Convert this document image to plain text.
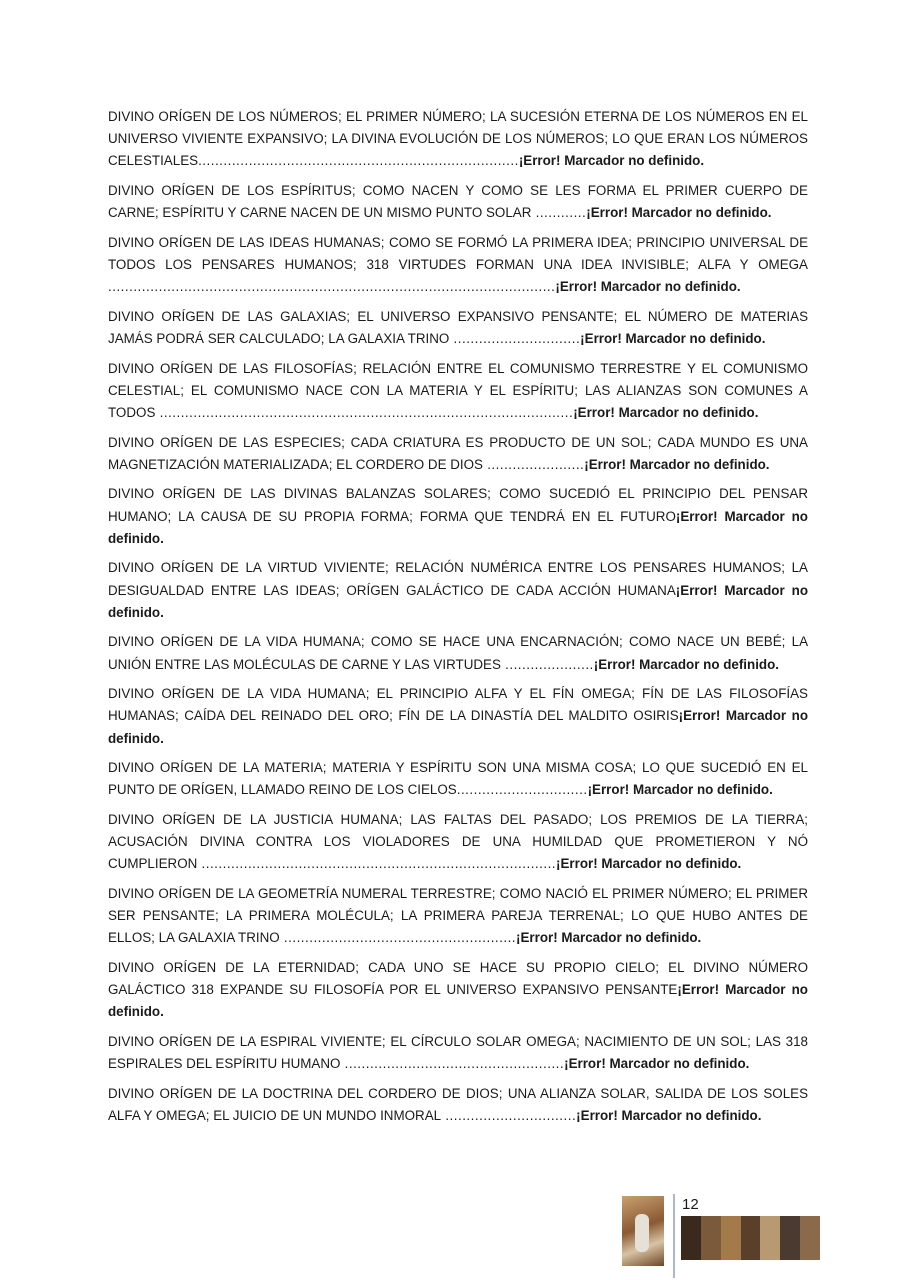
DIVINO ORÍGEN DE LOS NÚMEROS; EL PRIMER NÚMERO; LA SUCESIÓN ETERNA DE LOS NÚMEROS EN EL UNIVERSO VIVIENTE EXPANSIVO; LA DIVINA EVOLUCIÓN DE LOS NÚMEROS; LO QUE ERAN LOS NÚMEROS CELESTIALES............................................................................¡Error! Marcador no definido.

DIVINO ORÍGEN DE LOS ESPÍRITUS; COMO NACEN Y COMO SE LES FORMA EL PRIMER CUERPO DE CARNE; ESPÍRITU Y CARNE NACEN DE UN MISMO PUNTO SOLAR ............¡Error! Marcador no definido.

DIVINO ORÍGEN DE LAS IDEAS HUMANAS; COMO SE FORMÓ LA PRIMERA IDEA; PRINCIPIO UNIVERSAL DE TODOS LOS PENSARES HUMANOS; 318 VIRTUDES FORMAN UNA IDEA INVISIBLE; ALFA Y OMEGA ..........................................................................................................¡Error! Marcador no definido.

DIVINO ORÍGEN DE LAS GALAXIAS; EL UNIVERSO EXPANSIVO PENSANTE; EL NÚMERO DE MATERIAS JAMÁS PODRÁ SER CALCULADO; LA GALAXIA TRINO ..............................¡Error! Marcador no definido.

DIVINO ORÍGEN DE LAS FILOSOFÍAS; RELACIÓN ENTRE EL COMUNISMO TERRESTRE Y EL COMUNISMO CELESTIAL; EL COMUNISMO NACE CON LA MATERIA Y EL ESPÍRITU; LAS ALIANZAS SON COMUNES A TODOS ..................................................................................................¡Error! Marcador no definido.

DIVINO ORÍGEN DE LAS ESPECIES; CADA CRIATURA ES PRODUCTO DE UN SOL; CADA MUNDO ES UNA MAGNETIZACIÓN MATERIALIZADA; EL CORDERO DE DIOS .......................¡Error! Marcador no definido.

DIVINO ORÍGEN DE LAS DIVINAS BALANZAS SOLARES; COMO SUCEDIÓ EL PRINCIPIO DEL PENSAR HUMANO; LA CAUSA DE SU PROPIA FORMA; FORMA QUE TENDRÁ EN EL FUTURO¡Error! Marcador no definido.

DIVINO ORÍGEN DE LA VIRTUD VIVIENTE; RELACIÓN NUMÉRICA ENTRE LOS PENSARES HUMANOS; LA DESIGUALDAD ENTRE LAS IDEAS; ORÍGEN GALÁCTICO DE CADA ACCIÓN HUMANA¡Error! Marcador no definido.

DIVINO ORÍGEN DE LA VIDA HUMANA; COMO SE HACE UNA ENCARNACIÓN; COMO NACE UN BEBÉ; LA UNIÓN ENTRE LAS MOLÉCULAS DE CARNE Y LAS VIRTUDES .....................¡Error! Marcador no definido.

DIVINO ORÍGEN DE LA VIDA HUMANA; EL PRINCIPIO ALFA Y EL FÍN OMEGA; FÍN DE LAS FILOSOFÍAS HUMANAS; CAÍDA DEL REINADO DEL ORO; FÍN DE LA DINASTÍA DEL MALDITO OSIRIS¡Error! Marcador no definido.

DIVINO ORÍGEN DE LA MATERIA; MATERIA Y ESPÍRITU SON UNA MISMA COSA; LO QUE SUCEDIÓ EN EL PUNTO DE ORÍGEN, LLAMADO REINO DE LOS CIELOS...............................¡Error! Marcador no definido.

DIVINO ORÍGEN DE LA JUSTICIA HUMANA; LAS FALTAS DEL PASADO; LOS PREMIOS DE LA TIERRA; ACUSACIÓN DIVINA CONTRA LOS VIOLADORES DE UNA HUMILDAD QUE PROMETIERON Y NÓ CUMPLIERON ....................................................................................¡Error! Marcador no definido.

DIVINO ORÍGEN DE LA GEOMETRÍA NUMERAL TERRESTRE; COMO NACIÓ EL PRIMER NÚMERO; EL PRIMER SER PENSANTE; LA PRIMERA MOLÉCULA; LA PRIMERA PAREJA TERRENAL; LO QUE HUBO ANTES DE ELLOS; LA GALAXIA TRINO .......................................................¡Error! Marcador no definido.

DIVINO ORÍGEN DE LA ETERNIDAD; CADA UNO SE HACE SU PROPIO CIELO; EL DIVINO NÚMERO GALÁCTICO 318 EXPANDE SU FILOSOFÍA POR EL UNIVERSO EXPANSIVO PENSANTE¡Error! Marcador no definido.

DIVINO ORÍGEN DE LA ESPIRAL VIVIENTE; EL CÍRCULO SOLAR OMEGA; NACIMIENTO DE UN SOL; LAS 318 ESPIRALES DEL ESPÍRITU HUMANO ....................................................¡Error! Marcador no definido.

DIVINO ORÍGEN DE LA DOCTRINA DEL CORDERO DE DIOS; UNA ALIANZA SOLAR, SALIDA DE LOS SOLES ALFA Y OMEGA; EL JUICIO DE UN MUNDO INMORAL ...............................¡Error! Marcador no definido.

12
